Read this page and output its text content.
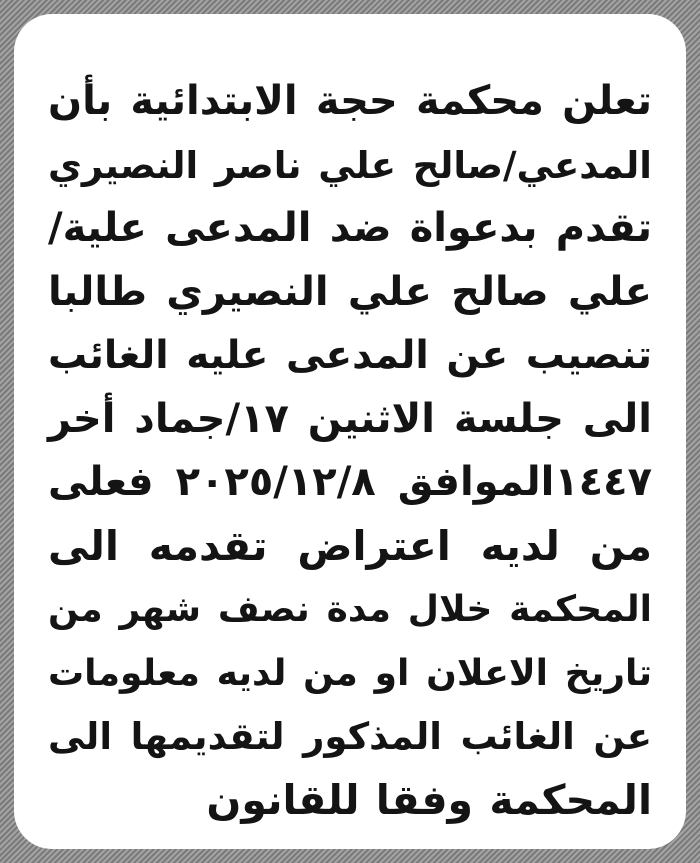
تعلن محكمة حجة الابتدائية بأن
المدعي/صالح علي ناصر النصيري
تقدم بدعواة ضد المدعى علية/
علي صالح علي النصيري طالبا
تنصيب عن المدعى عليه الغائب
الى جلسة الاثنين ١٧/جماد أخر
١٤٤٧الموافق ٢٠٢٥/١٢/٨ فعلى
من لديه اعتراض تقدمه الى
المحكمة خلال مدة نصف شهر من
تاريخ الاعلان او من لديه معلومات
عن الغائب المذكور لتقديمها الى
المحكمة وفقا للقانون
